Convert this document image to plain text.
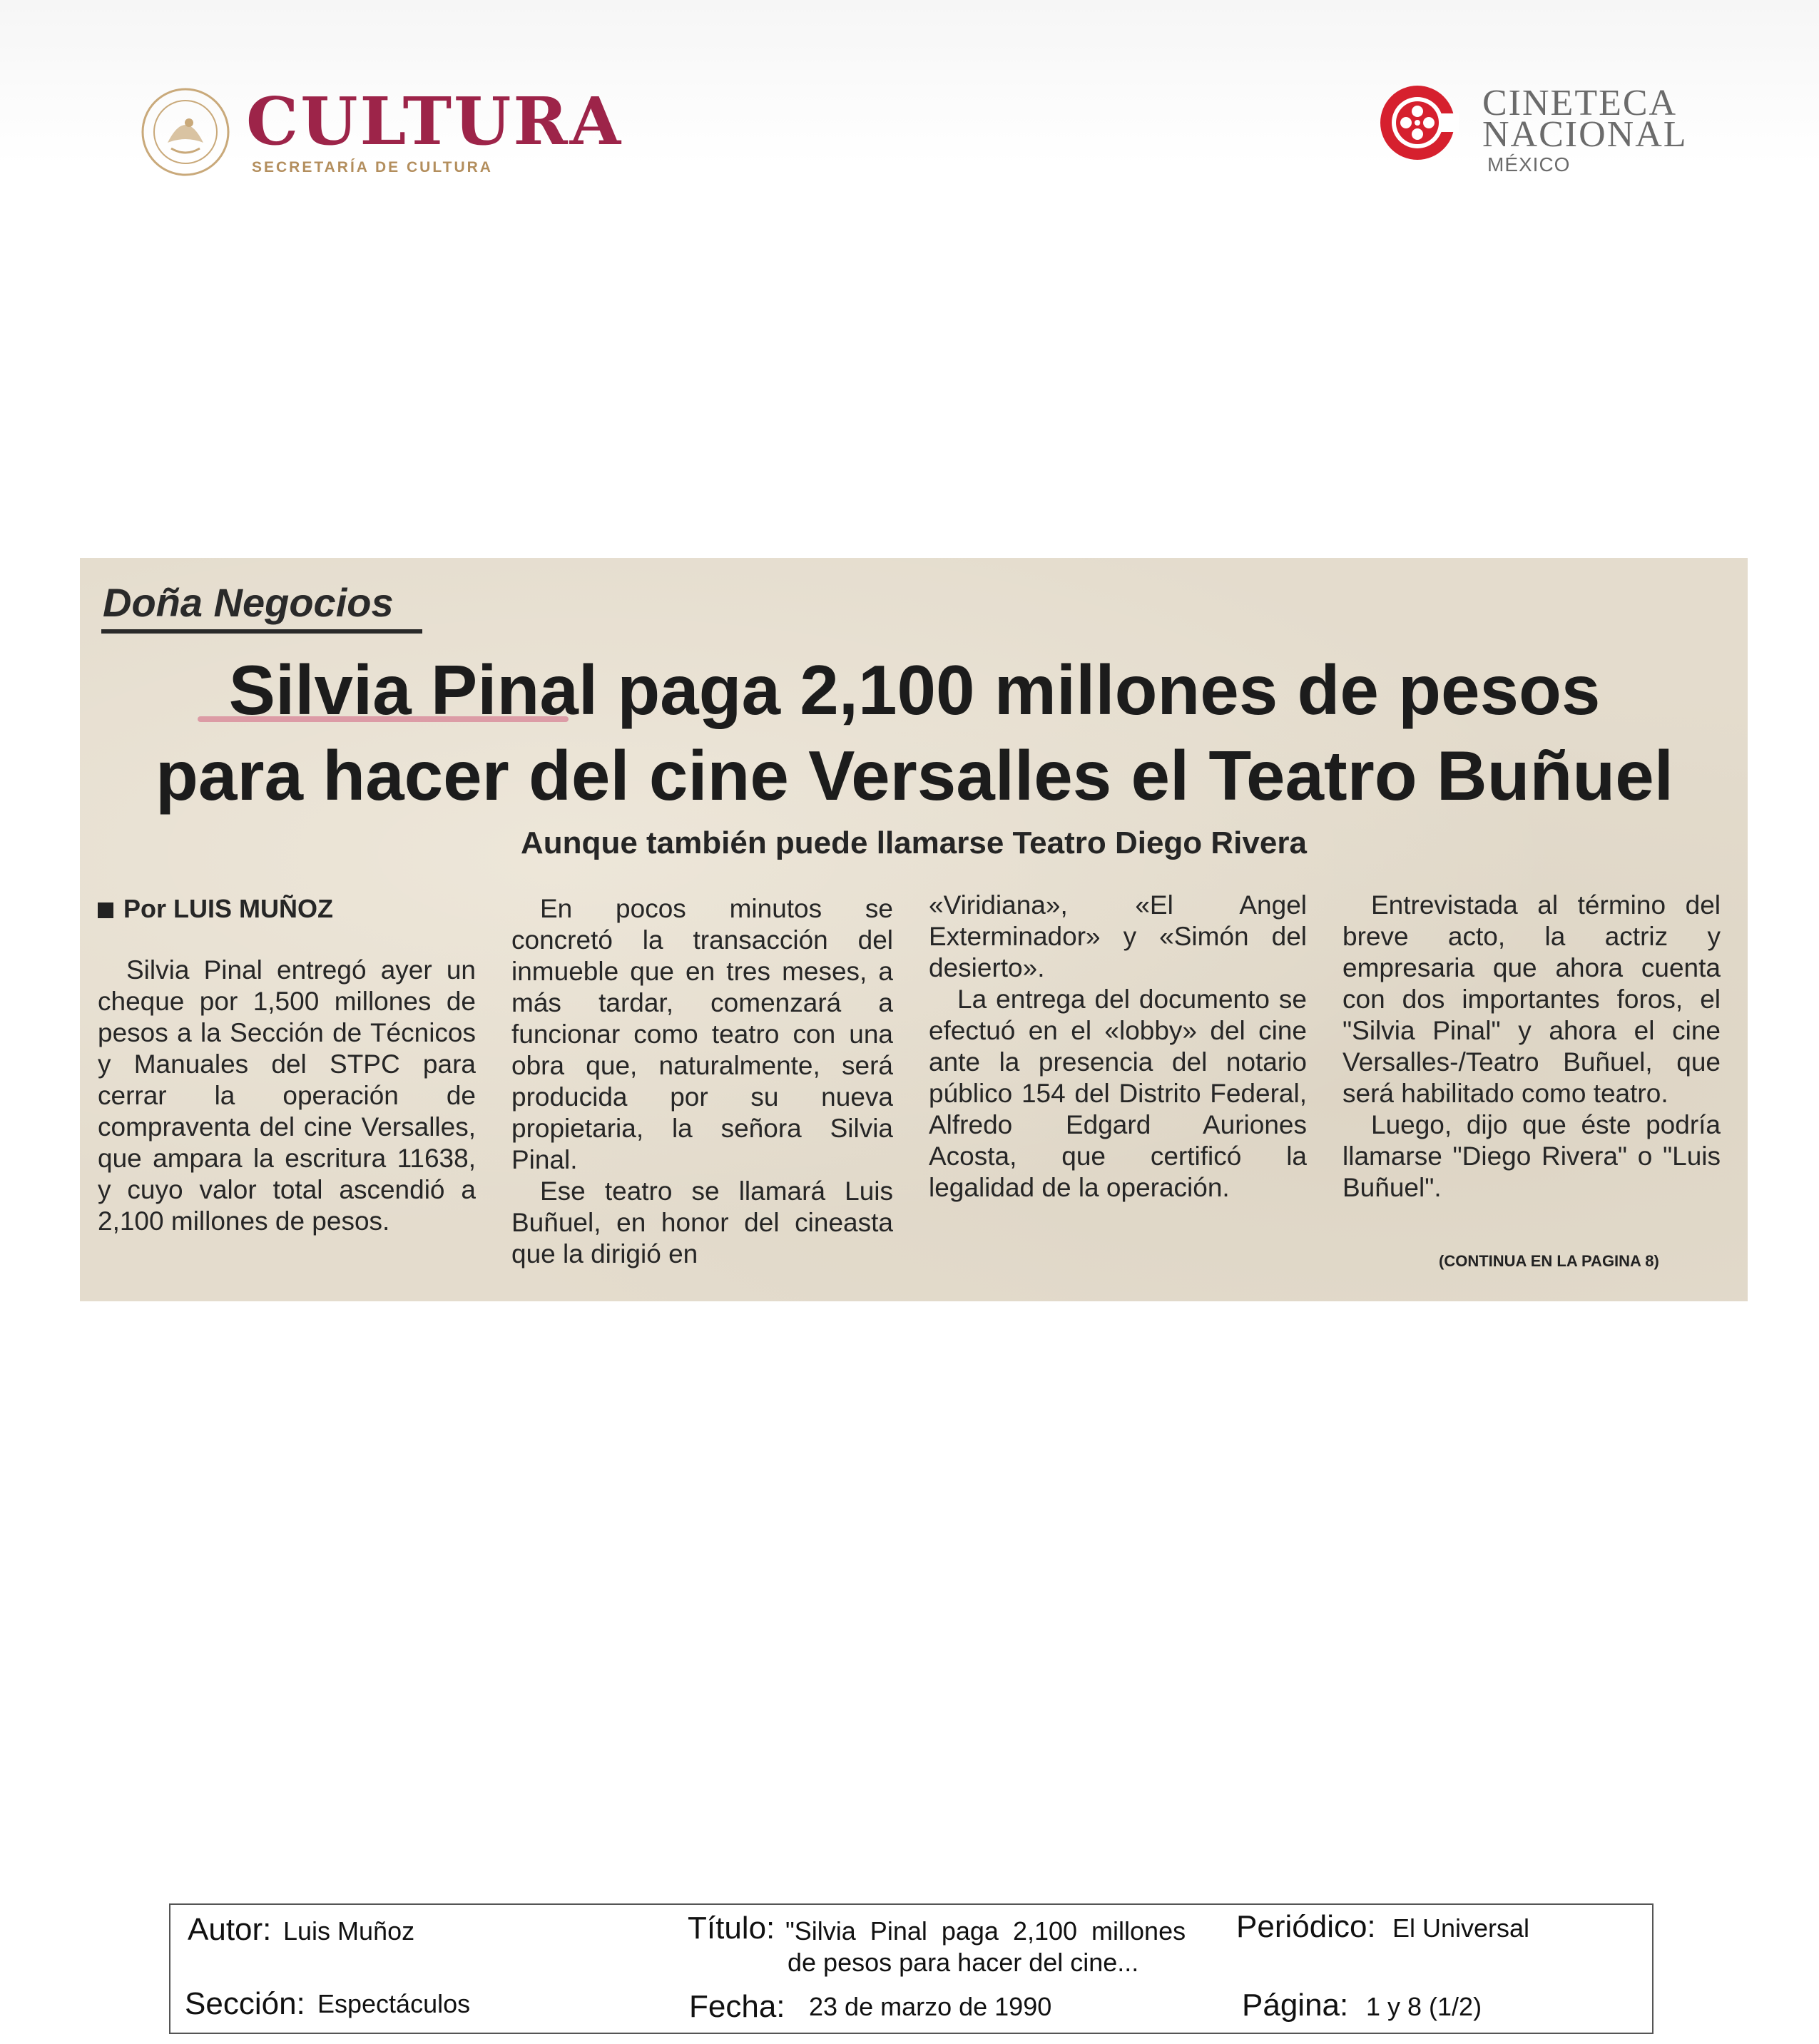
CULTURA
SECRETARÍA DE CULTURA
CINETECA
NACIONAL
MÉXICO
Doña Negocios
Silvia Pinal paga 2,100 millones de pesos
para hacer del cine Versalles el Teatro Buñuel
Aunque también puede llamarse Teatro Diego Rivera
Por LUIS MUÑOZ

Silvia Pinal entregó ayer un cheque por 1,500 millones de pesos a la Sección de Técnicos y Manuales del STPC para cerrar la operación de compraventa del cine Versalles, que ampara la escritura 11638, y cuyo valor total ascendió a 2,100 millones de pesos.

En pocos minutos se concretó la transacción del inmueble que en tres meses, a más tardar, comenzará a funcionar como teatro con una obra que, naturalmente, será producida por su nueva propietaria, la señora Silvia Pinal.

Ese teatro se llamará Luis Buñuel, en honor del cineasta que la dirigió en

«Viridiana», «El Angel Exterminador» y «Simón del desierto».

La entrega del documento se efectuó en el «lobby» del cine ante la presencia del notario público 154 del Distrito Federal, Alfredo Edgard Auriones Acosta, que certificó la legalidad de la operación.

Entrevistada al término del breve acto, la actriz y empresaria que ahora cuenta con dos importantes foros, el "Silvia Pinal" y ahora el cine Versalles-/Teatro Buñuel, que será habilitado como teatro.

Luego, dijo que éste podría llamarse "Diego Rivera" o "Luis Buñuel".

(CONTINUA EN LA PAGINA 8)
Autor: Luis Muñoz	Título: "Silvia  Pinal  paga  2,100  millones
de pesos para hacer del cine...
Periódico: El Universal
Sección: Espectáculos	Fecha: 23 de marzo de 1990	Página: 1 y 8 (1/2)
